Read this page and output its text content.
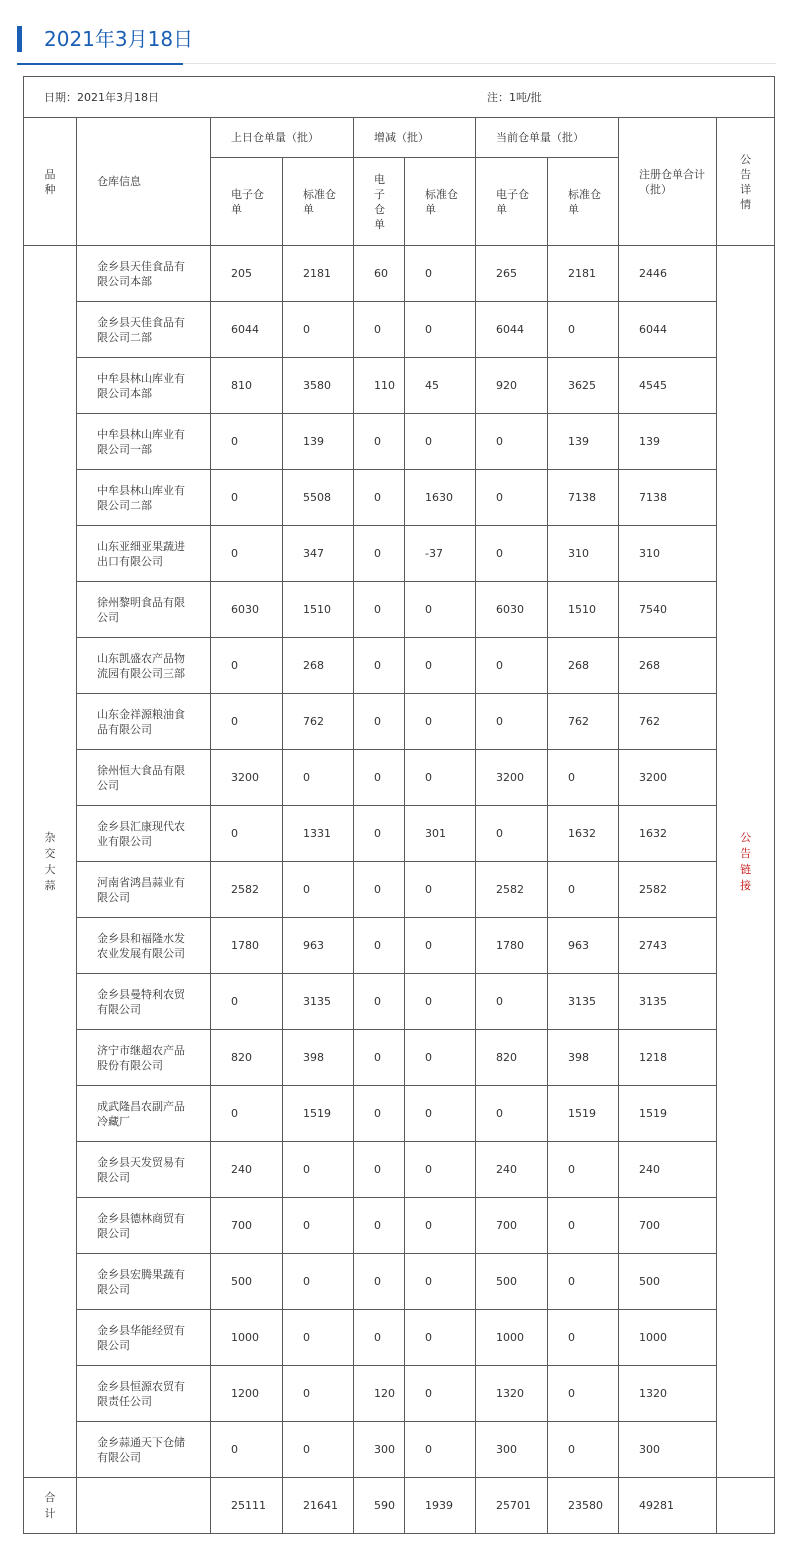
2021年3月18日
日期：2021年3月18日 注：1吨/批									
品种	仓库信息	上日仓单量（批）		增减（批）		当前仓单量（批）		注册仓单合计（批）	公告详情
		电子仓单	标准仓单	电子仓单	标准仓单	电子仓单	标准仓单		
杂交大蒜	金乡县天佳食品有限公司本部	205	2181	60	0	265	2181	2446	公告链接
	金乡县天佳食品有限公司二部	6044	0	0	0	6044	0	6044	
	中牟县林山库业有限公司本部	810	3580	110	45	920	3625	4545	
	中牟县林山库业有限公司一部	0	139	0	0	0	139	139	
	中牟县林山库业有限公司二部	0	5508	0	1630	0	7138	7138	
	山东亚细亚果蔬进出口有限公司	0	347	0	-37	0	310	310	
	徐州黎明食品有限公司	6030	1510	0	0	6030	1510	7540	
	山东凯盛农产品物流园有限公司三部	0	268	0	0	0	268	268	
	山东金祥源粮油食品有限公司	0	762	0	0	0	762	762	
	徐州恒大食品有限公司	3200	0	0	0	3200	0	3200	
	金乡县汇康现代农业有限公司	0	1331	0	301	0	1632	1632	
	河南省鸿昌蒜业有限公司	2582	0	0	0	2582	0	2582	
	金乡县和福隆水发农业发展有限公司	1780	963	0	0	1780	963	2743	
	金乡县曼特利农贸有限公司	0	3135	0	0	0	3135	3135	
	济宁市继超农产品股份有限公司	820	398	0	0	820	398	1218	
	成武隆昌农副产品冷藏厂	0	1519	0	0	0	1519	1519	
	金乡县天发贸易有限公司	240	0	0	0	240	0	240	
	金乡县德林商贸有限公司	700	0	0	0	700	0	700	
	金乡县宏腾果蔬有限公司	500	0	0	0	500	0	500	
	金乡县华能经贸有限公司	1000	0	0	0	1000	0	1000	
	金乡县恒源农贸有限责任公司	1200	0	120	0	1320	0	1320	
	金乡蒜通天下仓储有限公司	0	0	300	0	300	0	300	
合计		25111	21641	590	1939	25701	23580	49281	
